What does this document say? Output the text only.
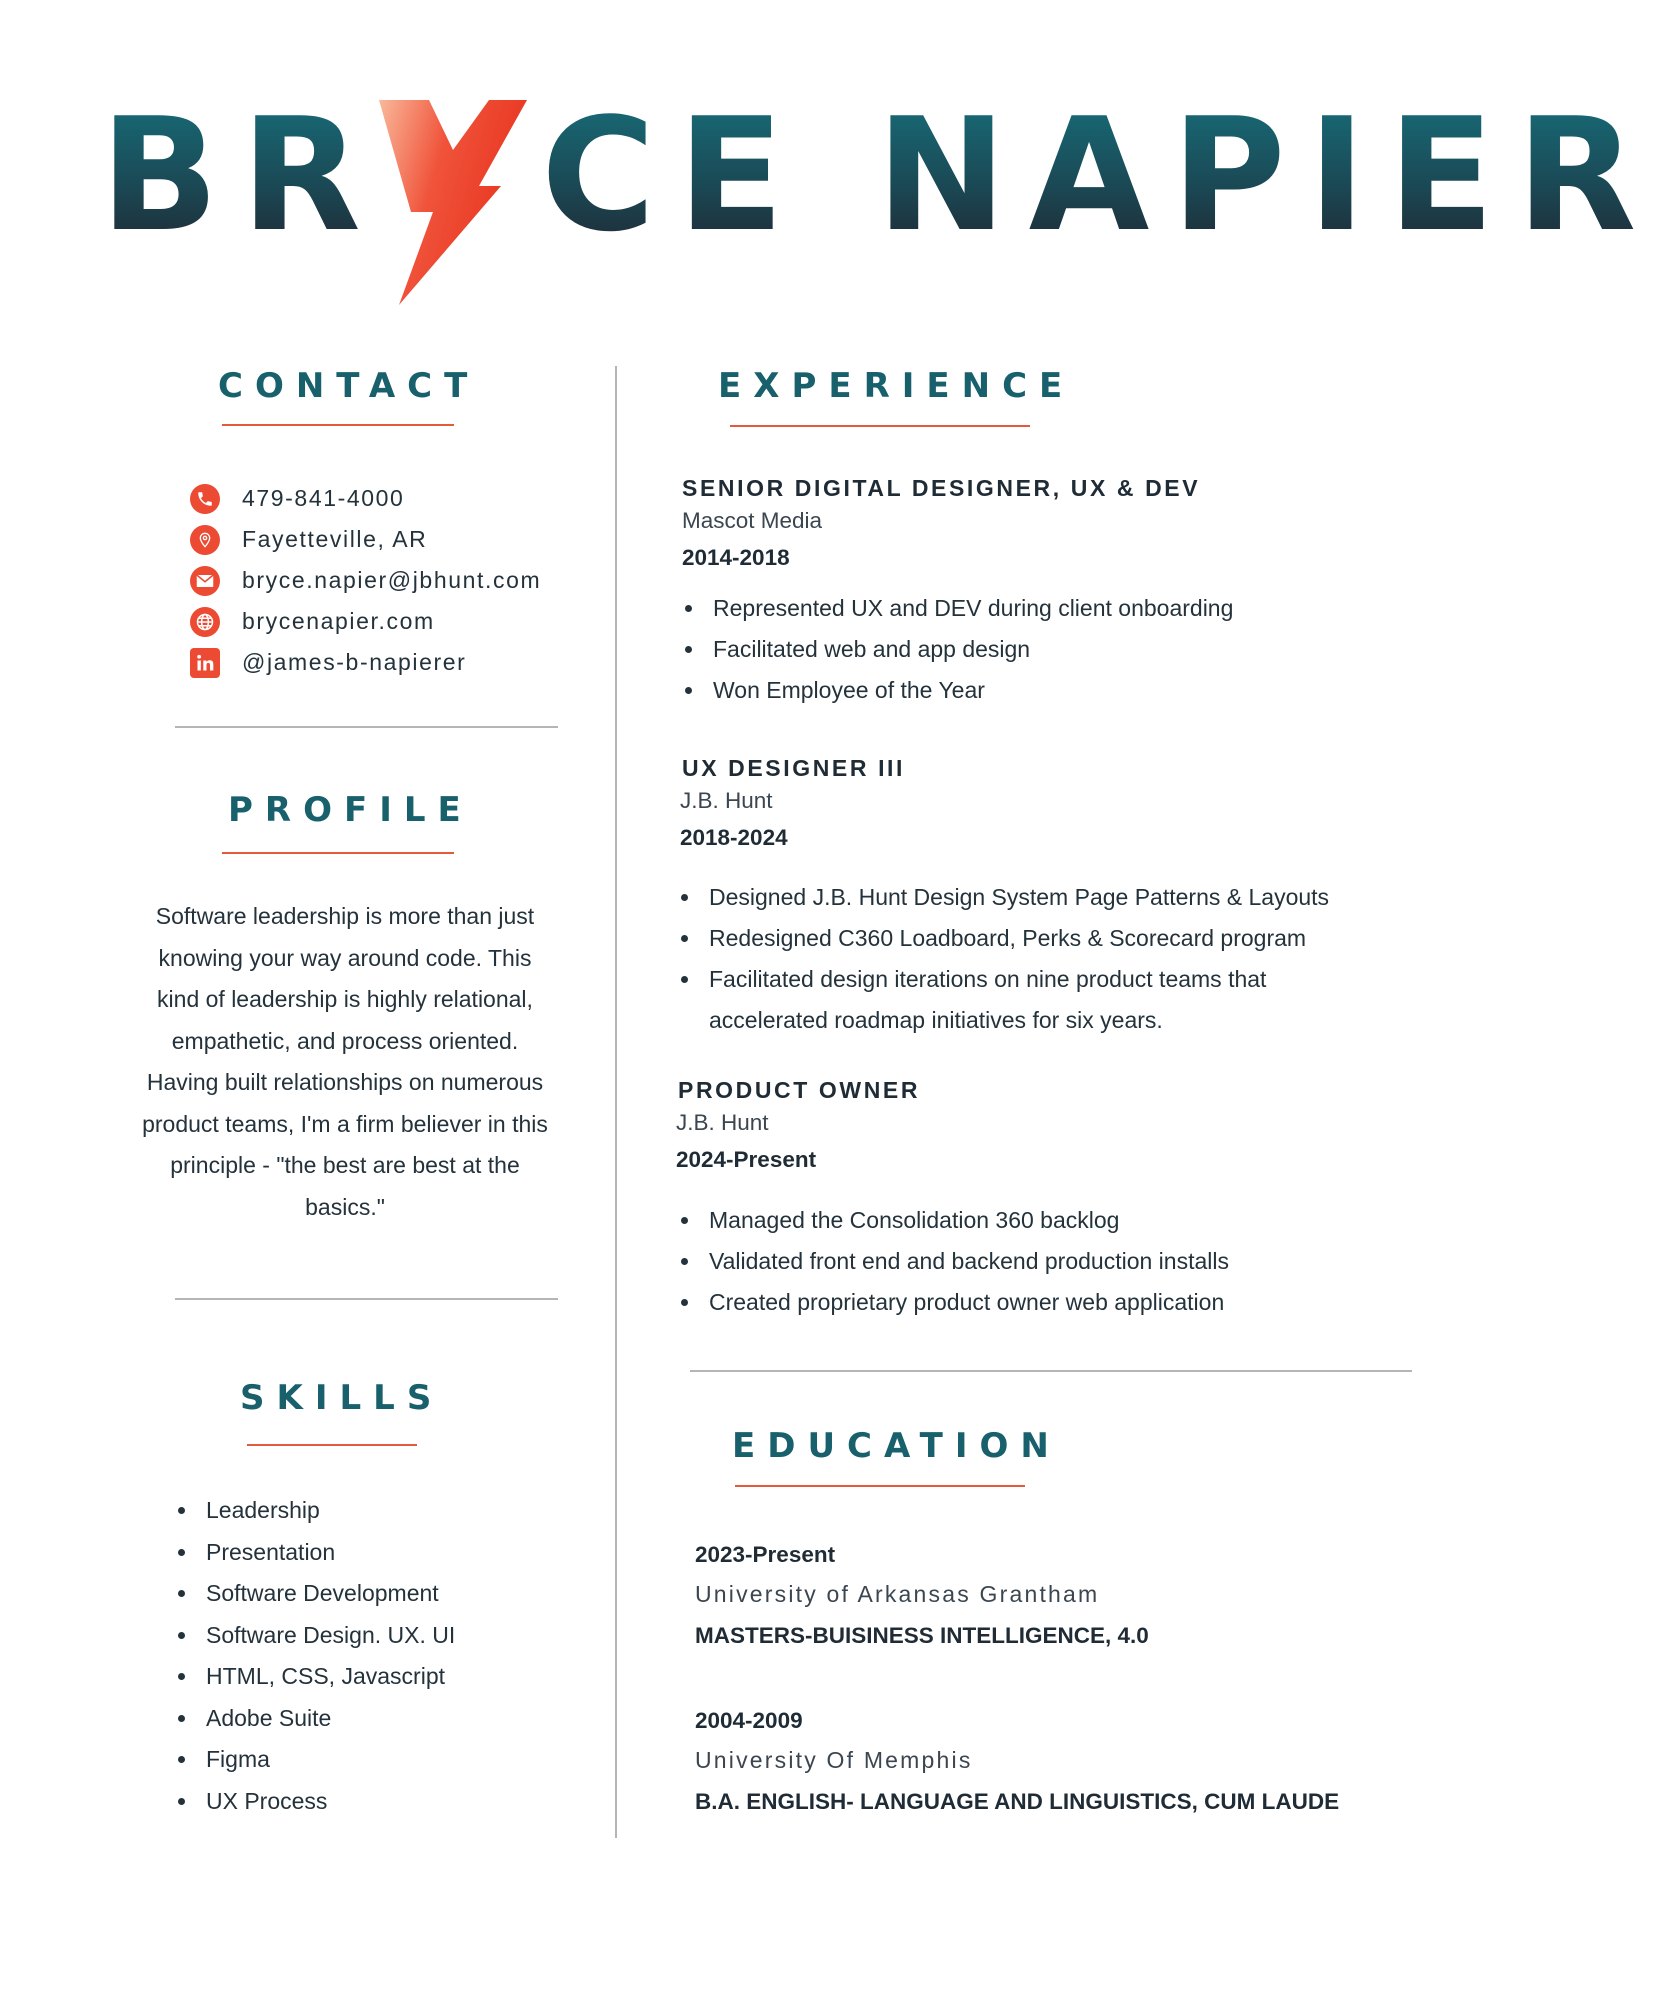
BR CE NAPIER
CONTACT
479-841-4000
Fayetteville, AR
bryce.napier@jbhunt.com
brycenapier.com
@james-b-napierer
PROFILE

Software leadership is more than just knowing your way around code. This kind of leadership is highly relational, empathetic, and process oriented. Having built relationships on numerous product teams, I'm a firm believer in this principle - "the best are best at the basics."

SKILLS
Leadership
Presentation
Software Development
Software Design. UX. UI
HTML, CSS, Javascript
Adobe Suite
Figma
UX Process
EXPERIENCE
SENIOR DIGITAL DESIGNER, UX & DEV
Mascot Media
2014-2018
Represented UX and DEV during client onboarding
Facilitated web and app design
Won Employee of the Year
UX DESIGNER III
J.B. Hunt
2018-2024
Designed J.B. Hunt Design System Page Patterns & Layouts
Redesigned C360 Loadboard, Perks & Scorecard program
Facilitated design iterations on nine product teams that
accelerated roadmap initiatives for six years.
PRODUCT OWNER
J.B. Hunt
2024-Present
Managed the Consolidation 360 backlog
Validated front end and backend production installs
Created proprietary product owner web application
EDUCATION
2023-Present
University of Arkansas Grantham
MASTERS-BUISINESS INTELLIGENCE, 4.0
2004-2009
University Of Memphis
B.A. ENGLISH- LANGUAGE AND LINGUISTICS, CUM LAUDE
